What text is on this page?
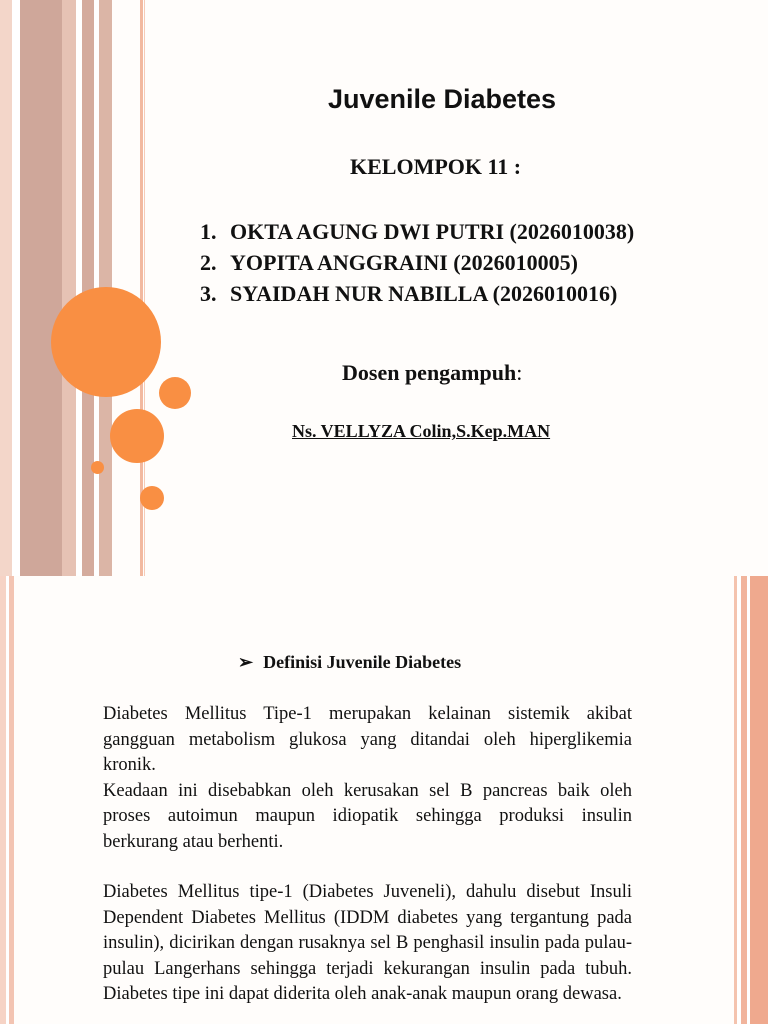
Juvenile Diabetes
KELOMPOK 11 :
1. OKTA AGUNG DWI PUTRI (2026010038)
2. YOPITA ANGGRAINI (2026010005)
3. SYAIDAH NUR NABILLA (2026010016)
Dosen pengampuh:
Ns. VELLYZA Colin,S.Kep.MAN
➢ Definisi Juvenile Diabetes

Diabetes Mellitus Tipe-1 merupakan kelainan sistemik akibat gangguan metabolism glukosa yang ditandai oleh hiperglikemia kronik.
Keadaan ini disebabkan oleh kerusakan sel B pancreas baik oleh proses autoimun maupun idiopatik sehingga produksi insulin berkurang atau berhenti.

Diabetes Mellitus tipe-1 (Diabetes Juveneli), dahulu disebut Insuli Dependent Diabetes Mellitus (IDDM diabetes yang tergantung pada insulin), dicirikan dengan rusaknya sel B penghasil insulin pada pulau- pulau Langerhans sehingga terjadi kekurangan insulin pada tubuh. Diabetes tipe ini dapat diderita oleh anak-anak maupun orang dewasa.
